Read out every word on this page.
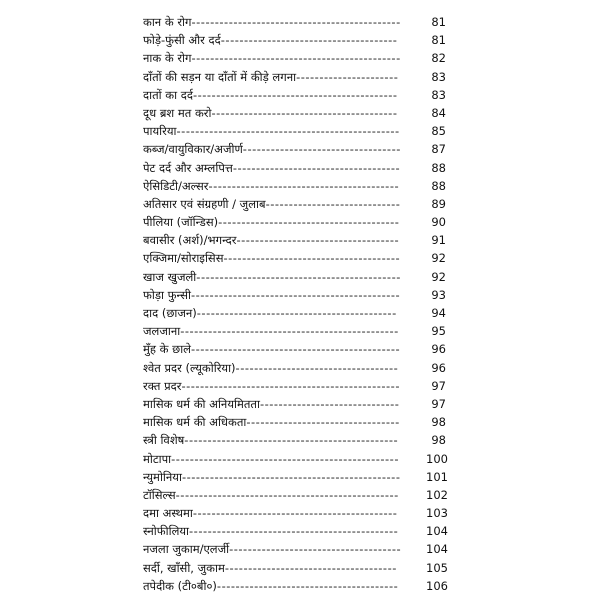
कान के रोग---------------------------------------------	81
फोड़े-फुंसी और दर्द--------------------------------------	81
नाक के रोग---------------------------------------------	82
दाँतों की सड़न या दाँतों में कीड़े लगना----------------------	83
दातों का दर्द--------------------------------------------	83
दूध ब्रश मत करो----------------------------------------	84
पायरिया------------------------------------------------	85
कब्ज/वायुविकार/अजीर्ण----------------------------------	87
पेट दर्द और अम्लपित्त------------------------------------	88
ऐसिडिटी/अल्सर-----------------------------------------	88
अतिसार एवं संग्रहणी / जुलाब-----------------------------	89
पीलिया (जॉन्डिस)---------------------------------------	90
बवासीर (अर्श)/भगन्दर-----------------------------------	91
एक्जिमा/सोराइसिस--------------------------------------	92
खाज खुजली--------------------------------------------	92
फोड़ा फुन्सी---------------------------------------------	93
दाद (छाजन)-------------------------------------------	94
जलजाना-----------------------------------------------	95
मुँह के छाले---------------------------------------------	96
श्वेत प्रदर (ल्यूकोरिया)-----------------------------------	96
रक्त प्रदर-----------------------------------------------	97
मासिक धर्म की अनियमितता------------------------------	97
मासिक धर्म की अधिकता---------------------------------	98
स्त्री विशेष----------------------------------------------	98
मोटापा------------------------------------------------- 100
न्युमोनिया----------------------------------------------- 101
टॉसिल्स------------------------------------------------ 102
दमा अस्थमा-------------------------------------------- 103
स्नोफीलिया--------------------------------------------- 104
नजला जुकाम/एलर्जी------------------------------------- 104
सर्दी, खाँसी, जुकाम-------------------------------------	105
तपेदीक (टी०बी०)--------------------------------------- 106
